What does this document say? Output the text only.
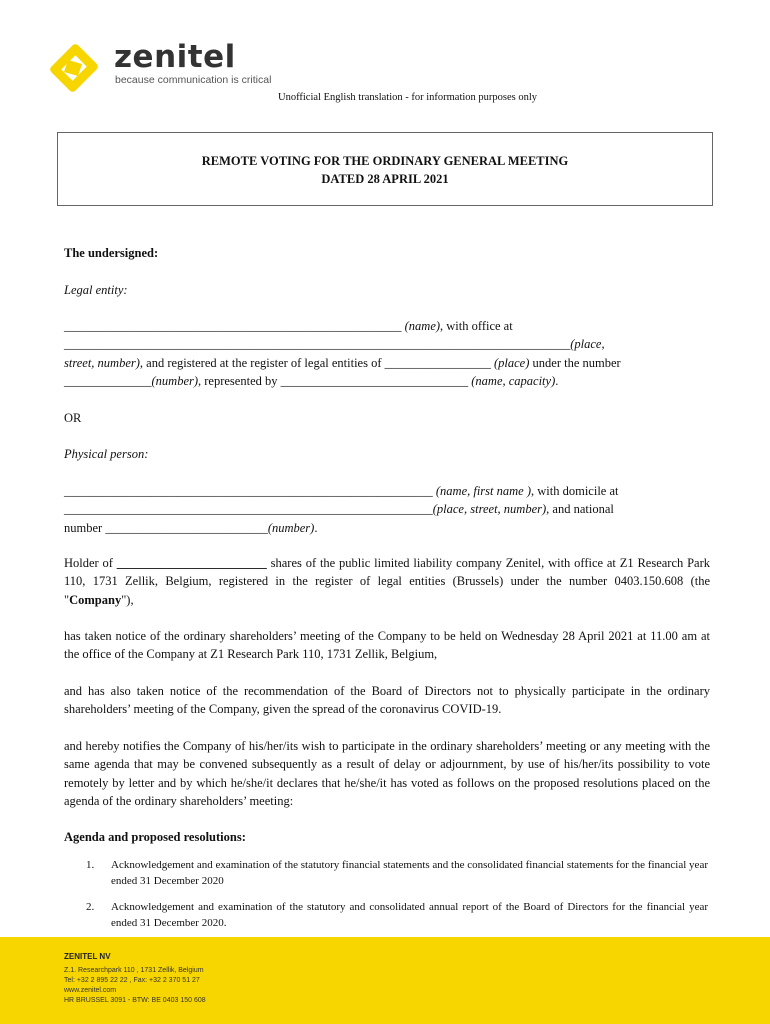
zenitel
because communication is critical
Unofficial English translation - for information purposes only
REMOTE VOTING FOR THE ORDINARY GENERAL MEETING
DATED 28 APRIL 2021
The undersigned:
Legal entity:
______________________________________________________ (name), with office at
_________________________________________________________________________________(place,
street, number), and registered at the register of legal entities of _________________ (place) under the number
______________(number), represented by ______________________________ (name, capacity).
OR
Physical person:
___________________________________________________________ (name, first name ), with domicile at
___________________________________________________________(place, street, number), and national
number __________________________(number).
Holder of ________________________ shares of the public limited liability company Zenitel, with office at Z1 Research Park 110, 1731 Zellik, Belgium, registered in the register of legal entities (Brussels) under the number 0403.150.608 (the "Company"),
has taken notice of the ordinary shareholders’ meeting of the Company to be held on Wednesday 28 April 2021 at 11.00 am at the office of the Company at Z1 Research Park 110, 1731 Zellik, Belgium,
and has also taken notice of the recommendation of the Board of Directors not to physically participate in the ordinary shareholders’ meeting of the Company, given the spread of the coronavirus COVID-19.
and hereby notifies the Company of his/her/its wish to participate in the ordinary shareholders’ meeting or any meeting with the same agenda that may be convened subsequently as a result of delay or adjournment, by use of his/her/its possibility to vote remotely by letter and by which he/she/it declares that he/she/it has voted as follows on the proposed resolutions placed on the agenda of the ordinary shareholders’ meeting:
Agenda and proposed resolutions:
1. Acknowledgement and examination of the statutory financial statements and the consolidated financial statements for the financial year ended 31 December 2020
2. Acknowledgement and examination of the statutory and consolidated annual report of the Board of Directors for the financial year ended 31 December 2020.
ZENITEL NV
Z.1. Researchpark 110 , 1731 Zellik, Belgium
Tel: +32 2 895 22 22 , Fax: +32 2 370 51 27
www.zenitel.com
HR BRUSSEL 3091 - BTW: BE 0403 150 608
